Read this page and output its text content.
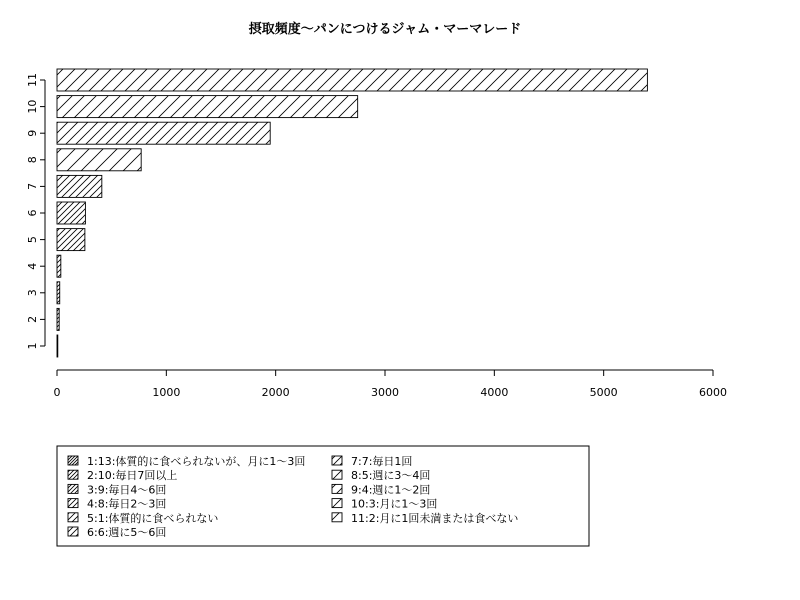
摂取頻度〜パンにつけるジャム・マーマレード
1
2
3
4
5
6
7
8
9
10
11
0	1000	2000	3000	4000	5000	6000
1:13:体質的に食べられないが、月に1〜3回
2:10:毎日7回以上
3:9:毎日4〜6回
4:8:毎日2〜3回
5:1:体質的に食べられない
6:6:週に5〜6回
7:7:毎日1回
8:5:週に3〜4回
9:4:週に1〜2回
10:3:月に1〜3回
11:2:月に1回未満または食べない
